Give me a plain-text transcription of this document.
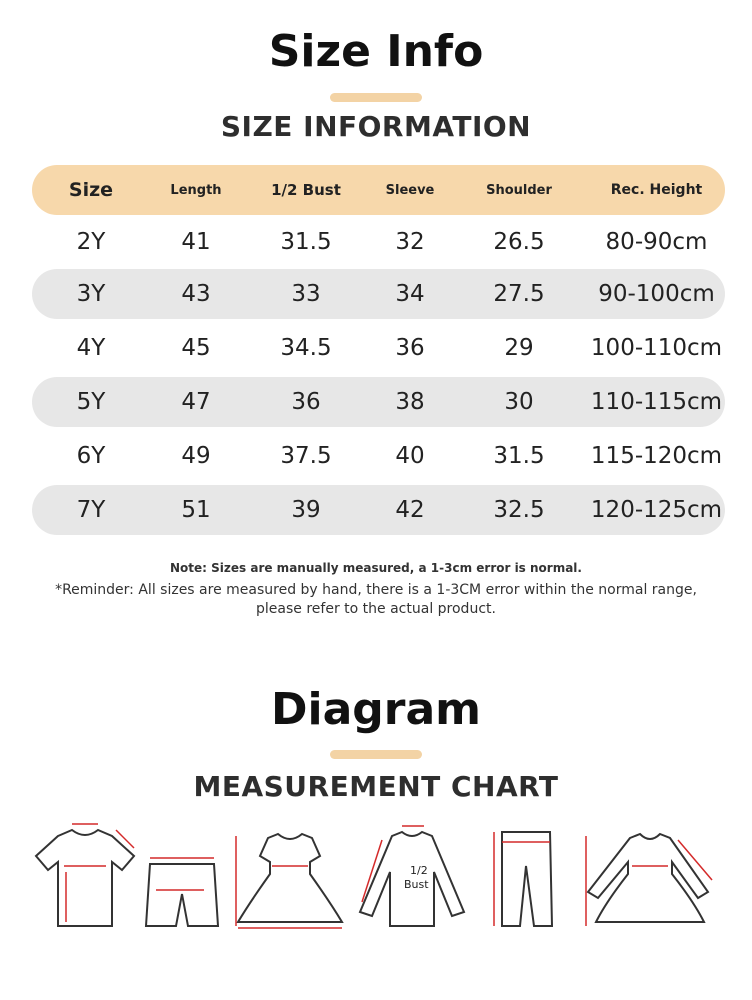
Size Info
SIZE INFORMATION
Size	Length	1/2 Bust	Sleeve	Shoulder	Rec. Height
2Y	41	31.5	32	26.5	80-90cm
3Y	43	33	34	27.5	90-100cm
4Y	45	34.5	36	29	100-110cm
5Y	47	36	38	30	110-115cm
6Y	49	37.5	40	31.5	115-120cm
7Y	51	39	42	32.5	120-125cm
Note: Sizes are manually measured, a 1-3cm error is normal.
*Reminder: All sizes are measured by hand, there is a 1-3CM error within the normal range,
please refer to the actual product.
Diagram
MEASUREMENT CHART
1/2
Bust
